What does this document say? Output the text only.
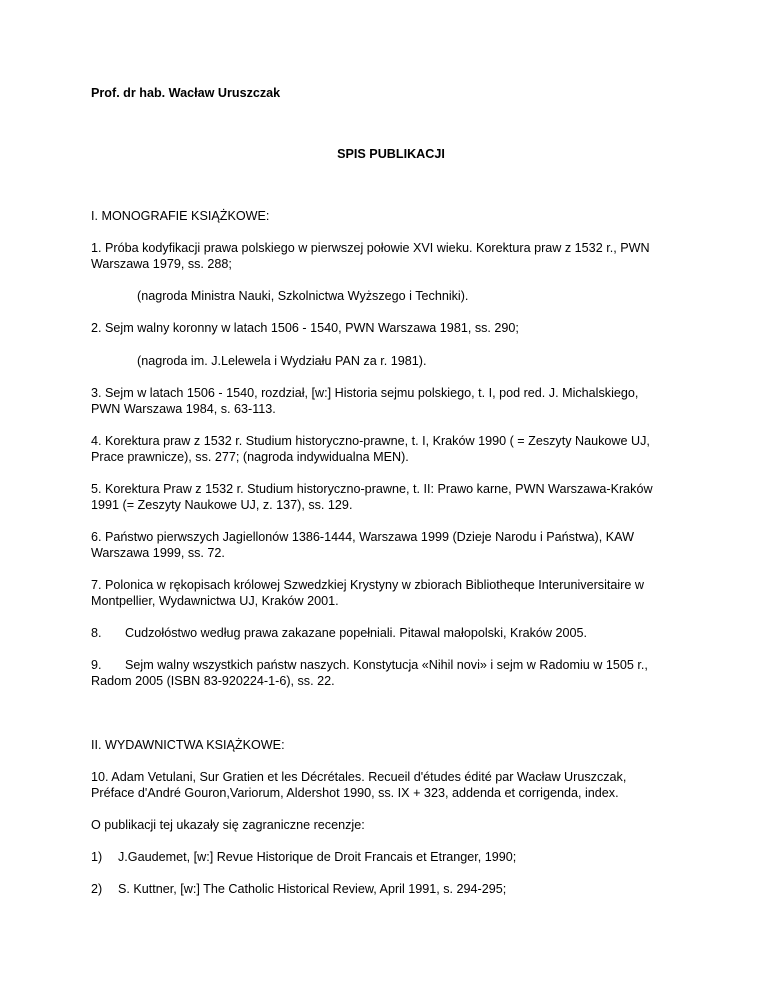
Prof. dr hab. Wacław Uruszczak
SPIS PUBLIKACJI
I. MONOGRAFIE KSIĄŻKOWE:
1. Próba kodyfikacji prawa polskiego w pierwszej połowie XVI wieku. Korektura praw z 1532 r., PWN
Warszawa 1979, ss. 288;
(nagroda Ministra Nauki, Szkolnictwa Wyższego i Techniki).
2. Sejm walny koronny w latach 1506 ‐ 1540, PWN Warszawa 1981, ss. 290;
(nagroda im. J.Lelewela i Wydziału PAN za r. 1981).
3. Sejm w latach 1506 ‐ 1540, rozdział, [w:] Historia sejmu polskiego, t. I, pod red. J. Michalskiego,
PWN Warszawa 1984, s. 63‐113.
4. Korektura praw z 1532 r. Studium historyczno‐prawne, t. I, Kraków 1990 ( = Zeszyty Naukowe UJ,
Prace prawnicze), ss. 277; (nagroda indywidualna MEN).
5. Korektura Praw z 1532 r. Studium historyczno-prawne, t. II: Prawo karne, PWN Warszawa-Kraków
1991 (= Zeszyty Naukowe UJ, z. 137), ss. 129.
6. Państwo pierwszych Jagiellonów 1386-1444, Warszawa 1999 (Dzieje Narodu i Państwa), KAW
Warszawa 1999, ss. 72.
7. Polonica w rękopisach królowej Szwedzkiej Krystyny w zbiorach Bibliotheque Interuniversitaire w
Montpellier, Wydawnictwa UJ, Kraków 2001.
8. Cudzołóstwo według prawa zakazane popełniali. Pitawal małopolski, Kraków 2005.
9. Sejm walny wszystkich państw naszych. Konstytucja «Nihil novi» i sejm w Radomiu w 1505 r.,
Radom 2005 (ISBN 83-920224-1-6), ss. 22.
II. WYDAWNICTWA KSIĄŻKOWE:
10. Adam Vetulani, Sur Gratien et les Décrétales. Recueil d'études édité par Wacław Uruszczak,
Préface d'André Gouron,Variorum, Aldershot 1990, ss. IX + 323, addenda et corrigenda, index.
O publikacji tej ukazały się zagraniczne recenzje:
1) J.Gaudemet, [w:] Revue Historique de Droit Francais et Etranger, 1990;
2) S. Kuttner, [w:] The Catholic Historical Review, April 1991, s. 294-295;
